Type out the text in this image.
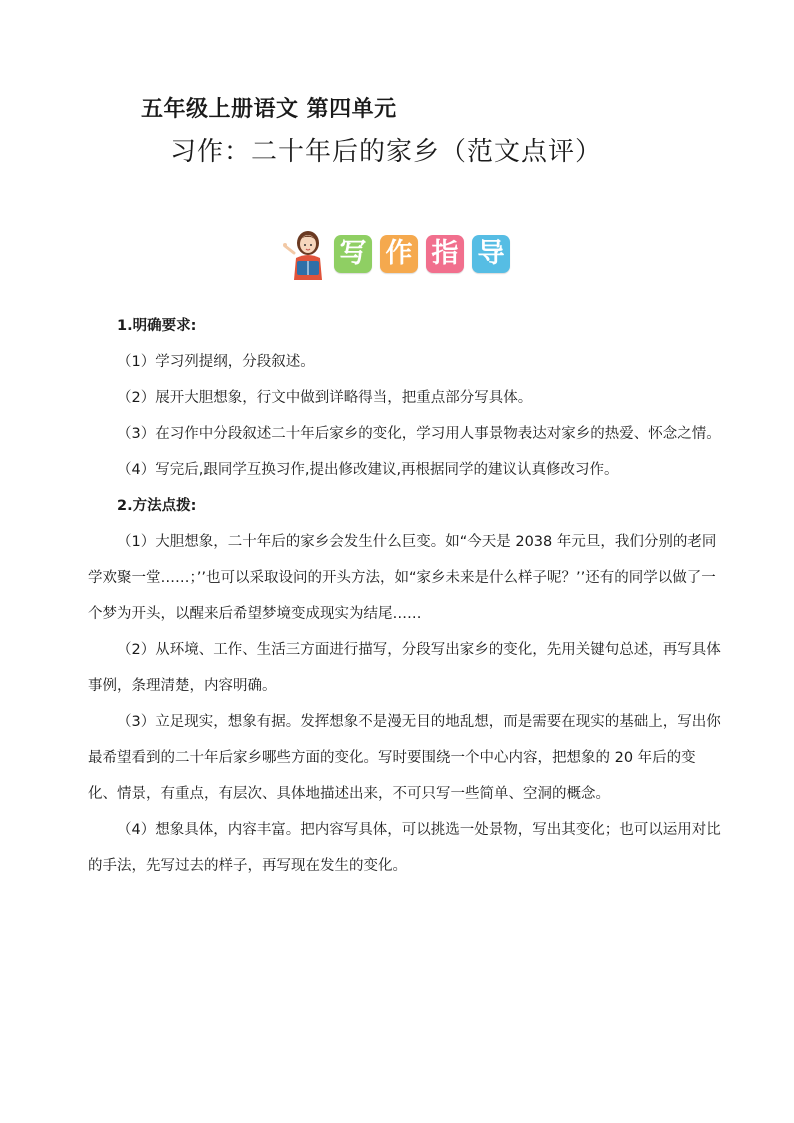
五年级上册语文 第四单元
习作：二十年后的家乡（范文点评）
写 作 指 导

1.明确要求:

（1）学习列提纲，分段叙述。

（2）展开大胆想象，行文中做到详略得当，把重点部分写具体。

（3）在习作中分段叙述二十年后家乡的变化，学习用人事景物表达对家乡的热爱、怀念之情。

（4）写完后,跟同学互换习作,提出修改建议,再根据同学的建议认真修改习作。

2.方法点拨:

（1）大胆想象，二十年后的家乡会发生什么巨变。如“今天是 2038 年元旦，我们分别的老同学欢聚一堂……；’’也可以采取设问的开头方法，如“家乡未来是什么样子呢？’’还有的同学以做了一个梦为开头，以醒来后希望梦境变成现实为结尾……

（2）从环境、工作、生活三方面进行描写，分段写出家乡的变化，先用关键句总述，再写具体事例，条理清楚，内容明确。

（3）立足现实，想象有据。发挥想象不是漫无目的地乱想，而是需要在现实的基础上，写出你最希望看到的二十年后家乡哪些方面的变化。写时要围绕一个中心内容，把想象的 20 年后的变化、情景，有重点，有层次、具体地描述出来，不可只写一些简单、空洞的概念。

（4）想象具体，内容丰富。把内容写具体，可以挑选一处景物，写出其变化；也可以运用对比的手法，先写过去的样子，再写现在发生的变化。
